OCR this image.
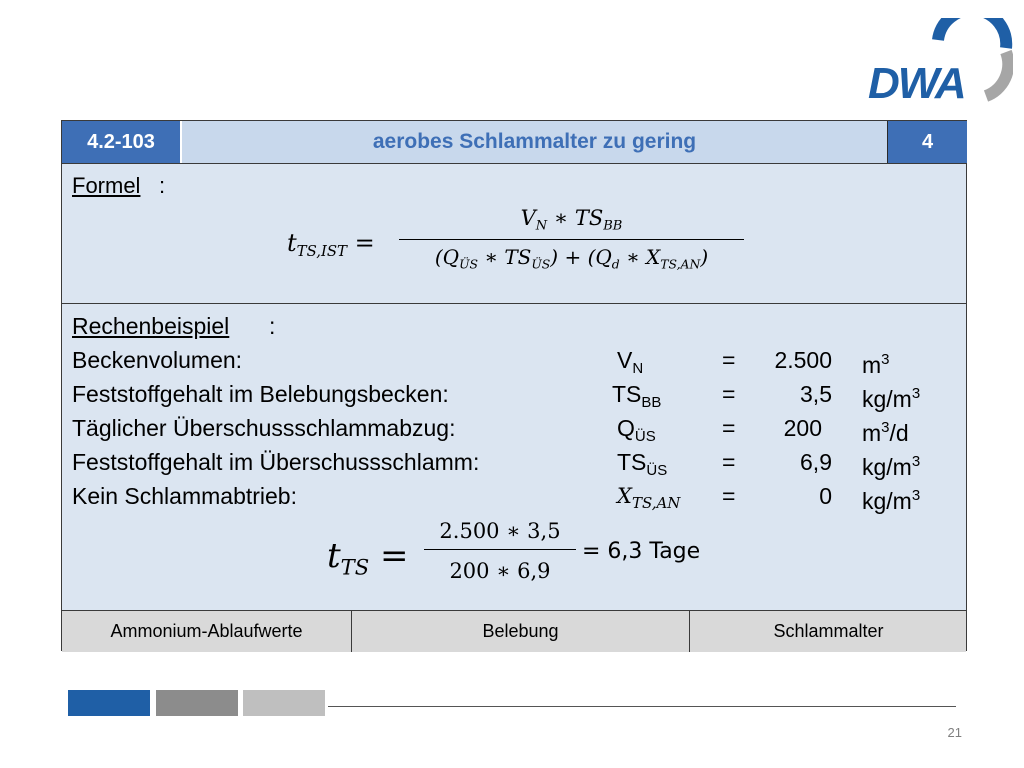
DWA
4.2-103	aerobes Schlammalter zu gering	4
Formel :
$t_{TS,IST}$ =
$V_N$ ∗ $TS_{BB}$
($Q_{ÜS}$ ∗ $TS_{ÜS}) + (Q_d$ ∗ $X_{TS,AN}$)
Rechenbeispiel :
Beckenvolumen:	$V_N$	=	2.500 $m^3$
Feststoffgehalt im Belebungsbecken:	$TS_{BB}$	=	3,5 $kg/m^3$
Täglicher Überschussschlammabzug:	$Q_{ÜS}$	=	200 $m^3/d$
Feststoffgehalt im Überschussschlamm:	$TS_{ÜS}$ =	6,9 $kg/m^3$
Kein Schlammabtrieb:	$X_{TS,AN}$ =	0 $kg/m^3$
$t_{TS}$ =
2.500 ∗ 3,5
200 ∗ 6,9
= 6,3 Tage
Ammonium-Ablaufwerte	Belebung	Schlammalter
21
